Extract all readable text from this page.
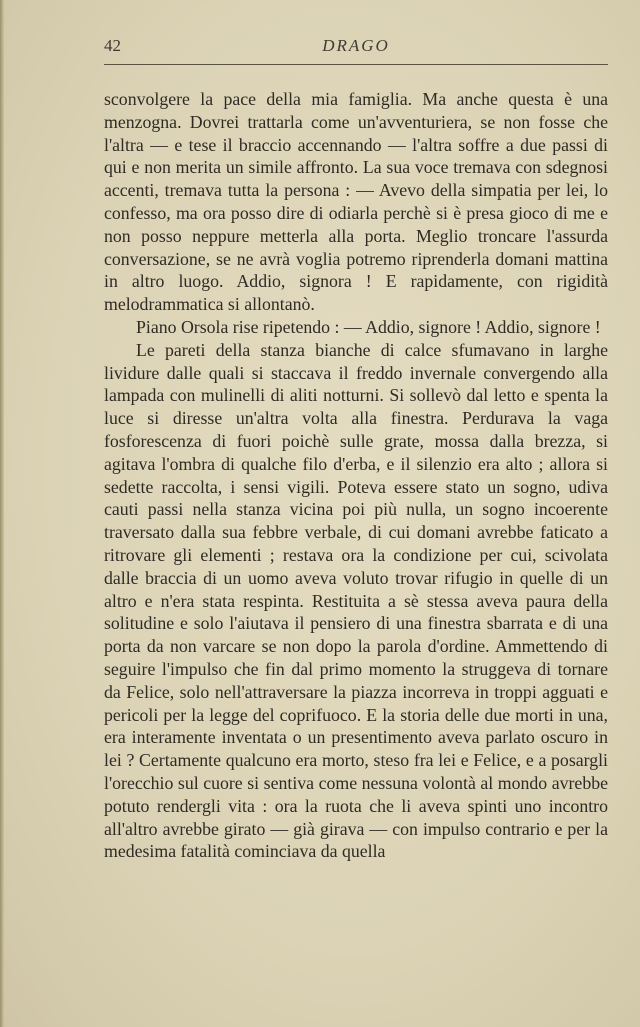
42	DRAGO

sconvolgere la pace della mia famiglia. Ma anche questa è una menzogna. Dovrei trattarla come un'avventuriera, se non fosse che l'altra — e tese il braccio accennando — l'altra soffre a due passi di qui e non merita un simile affronto. La sua voce tremava con sdegnosi accenti, tremava tutta la persona : — Avevo della simpatia per lei, lo confesso, ma ora posso dire di odiarla perchè si è presa gioco di me e non posso neppure metterla alla porta. Meglio troncare l'assurda conversazione, se ne avrà voglia potremo riprenderla domani mattina in altro luogo. Addio, signora ! E rapidamente, con rigidità melodrammatica si allontanò.

Piano Orsola rise ripetendo : — Addio, signore ! Addio, signore !

Le pareti della stanza bianche di calce sfumavano in larghe lividure dalle quali si staccava il freddo invernale convergendo alla lampada con mulinelli di aliti notturni. Si sollevò dal letto e spenta la luce si diresse un'altra volta alla finestra. Perdurava la vaga fosforescenza di fuori poichè sulle grate, mossa dalla brezza, si agitava l'ombra di qualche filo d'erba, e il silenzio era alto ; allora si sedette raccolta, i sensi vigili. Poteva essere stato un sogno, udiva cauti passi nella stanza vicina poi più nulla, un sogno incoerente traversato dalla sua febbre verbale, di cui domani avrebbe faticato a ritrovare gli elementi ; restava ora la condizione per cui, scivolata dalle braccia di un uomo aveva voluto trovar rifugio in quelle di un altro e n'era stata respinta. Restituita a sè stessa aveva paura della solitudine e solo l'aiutava il pensiero di una finestra sbarrata e di una porta da non varcare se non dopo la parola d'ordine. Ammettendo di seguire l'impulso che fin dal primo momento la struggeva di tornare da Felice, solo nell'attraversare la piazza incorreva in troppi agguati e pericoli per la legge del coprifuoco. E la storia delle due morti in una, era interamente inventata o un presentimento aveva parlato oscuro in lei ? Certamente qualcuno era morto, steso fra lei e Felice, e a posargli l'orecchio sul cuore si sentiva come nessuna volontà al mondo avrebbe potuto rendergli vita : ora la ruota che li aveva spinti uno incontro all'altro avrebbe girato — già girava — con impulso contrario e per la medesima fatalità cominciava da quella
